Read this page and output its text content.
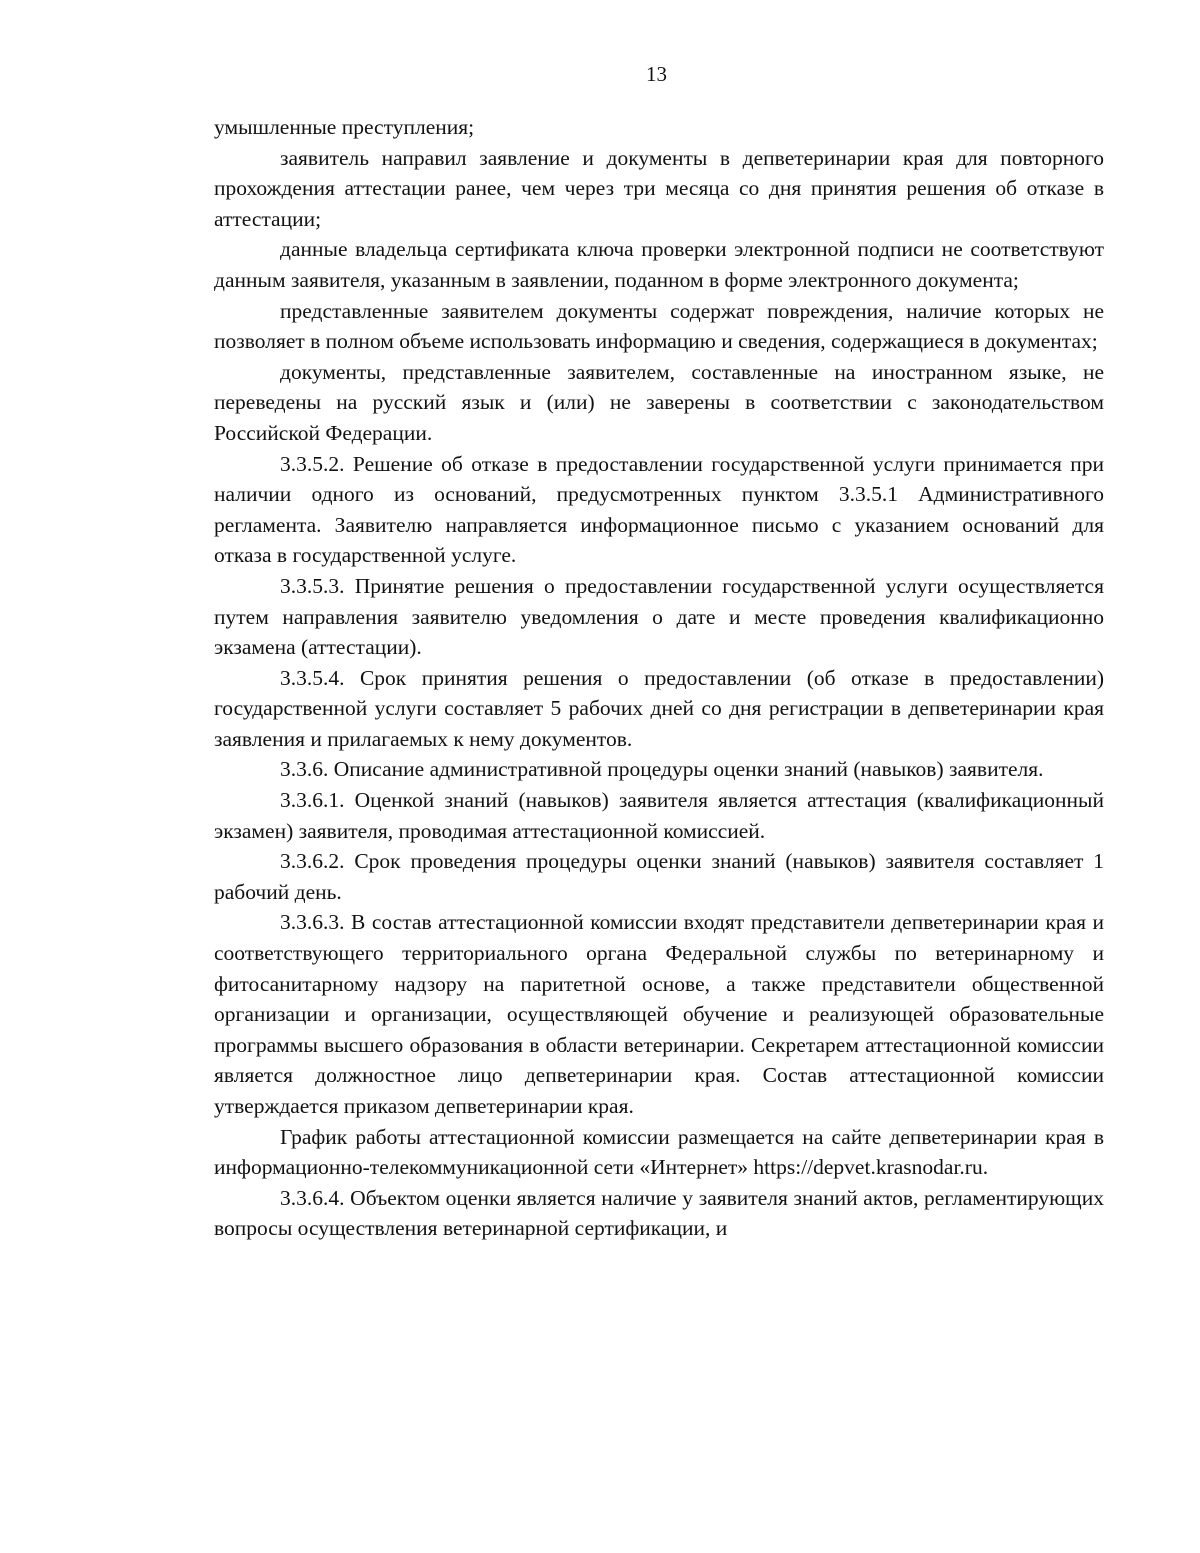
13

умышленные преступления;

заявитель направил заявление и документы в депветеринарии края для повторного прохождения аттестации ранее, чем через три месяца со дня принятия решения об отказе в аттестации;

данные владельца сертификата ключа проверки электронной подписи не соответствуют данным заявителя, указанным в заявлении, поданном в форме электронного документа;

представленные заявителем документы содержат повреждения, наличие которых не позволяет в полном объеме использовать информацию и сведения, содержащиеся в документах;

документы, представленные заявителем, составленные на иностранном языке, не переведены на русский язык и (или) не заверены в соответствии с законодательством Российской Федерации.

3.3.5.2. Решение об отказе в предоставлении государственной услуги принимается при наличии одного из оснований, предусмотренных пунктом 3.3.5.1 Административного регламента. Заявителю направляется информационное письмо с указанием оснований для отказа в государственной услуге.

3.3.5.3. Принятие решения о предоставлении государственной услуги осуществляется путем направления заявителю уведомления о дате и месте проведения квалификационно экзамена (аттестации).

3.3.5.4. Срок принятия решения о предоставлении (об отказе в предоставлении) государственной услуги составляет 5 рабочих дней со дня регистрации в депветеринарии края заявления и прилагаемых к нему документов.

3.3.6. Описание административной процедуры оценки знаний (навыков) заявителя.

3.3.6.1. Оценкой знаний (навыков) заявителя является аттестация (квалификационный экзамен) заявителя, проводимая аттестационной комиссией.

3.3.6.2. Срок проведения процедуры оценки знаний (навыков) заявителя составляет 1 рабочий день.

3.3.6.3. В состав аттестационной комиссии входят представители депветеринарии края и соответствующего территориального органа Федеральной службы по ветеринарному и фитосанитарному надзору на паритетной основе, а также представители общественной организации и организации, осуществляющей обучение и реализующей образовательные программы высшего образования в области ветеринарии. Секретарем аттестационной комиссии является должностное лицо депветеринарии края. Состав аттестационной комиссии утверждается приказом депветеринарии края.

График работы аттестационной комиссии размещается на сайте депветеринарии края в информационно-телекоммуникационной сети «Интернет» https://depvet.krasnodar.ru.

3.3.6.4. Объектом оценки является наличие у заявителя знаний актов, регламентирующих вопросы осуществления ветеринарной сертификации, и
